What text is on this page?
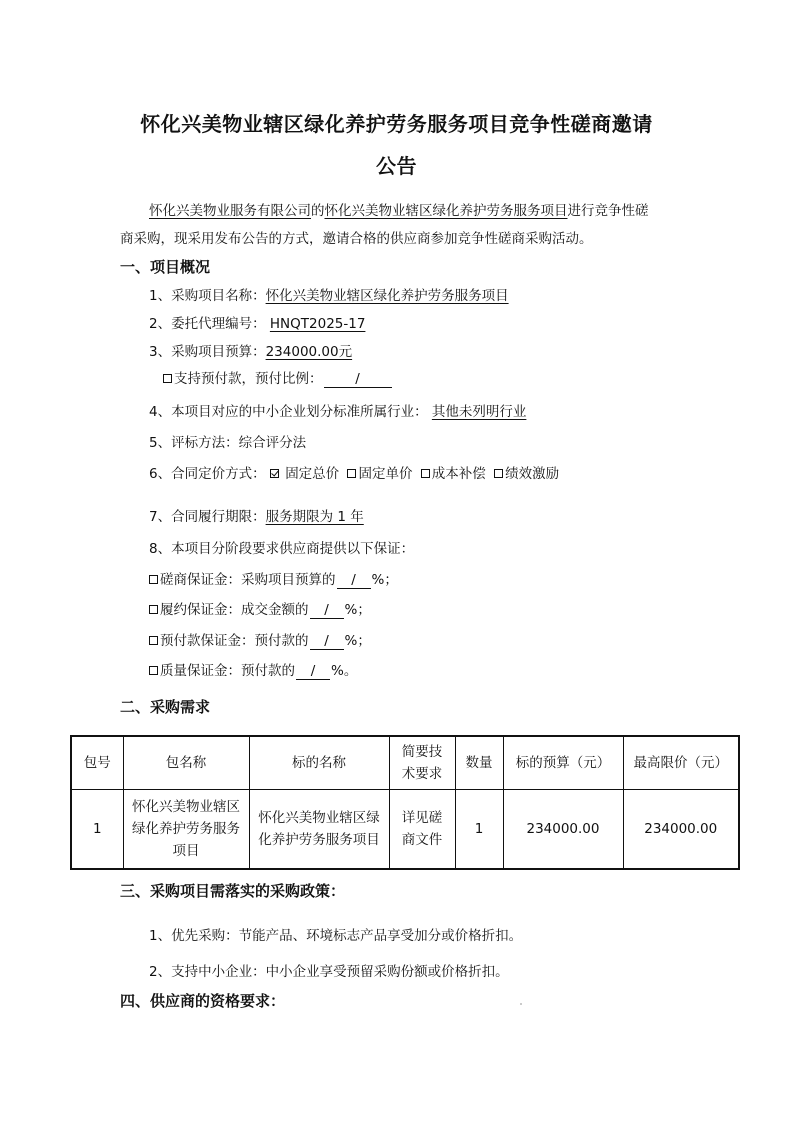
怀化兴美物业辖区绿化养护劳务服务项目竞争性磋商邀请
公告
怀化兴美物业服务有限公司的怀化兴美物业辖区绿化养护劳务服务项目进行竞争性磋
商采购，现采用发布公告的方式，邀请合格的供应商参加竞争性磋商采购活动。
一、项目概况
1、采购项目名称：怀化兴美物业辖区绿化养护劳务服务项目
2、委托代理编号： HNQT2025-17
3、采购项目预算：234000.00元
支持预付款，预付比例： /
4、本项目对应的中小企业划分标准所属行业： 其他未列明行业
5、评标方法：综合评分法
6、合同定价方式： 固定总价 固定单价 成本补偿 绩效激励
7、合同履行期限：服务期限为 1 年
8、本项目分阶段要求供应商提供以下保证：
磋商保证金：采购项目预算的 / %；
履约保证金：成交金额的 / %；
预付款保证金：预付款的 / %；
质量保证金：预付款的 / %。
二、采购需求
包号	包名称	标的名称	简要技术要求	数量	标的预算（元）	最高限价（元）
1	怀化兴美物业辖区绿化养护劳务服务项目	怀化兴美物业辖区绿化养护劳务服务项目	详见磋商文件	1	234000.00	234000.00
三、采购项目需落实的采购政策：
1、优先采购：节能产品、环境标志产品享受加分或价格折扣。
2、支持中小企业：中小企业享受预留采购份额或价格折扣。
四、供应商的资格要求：
